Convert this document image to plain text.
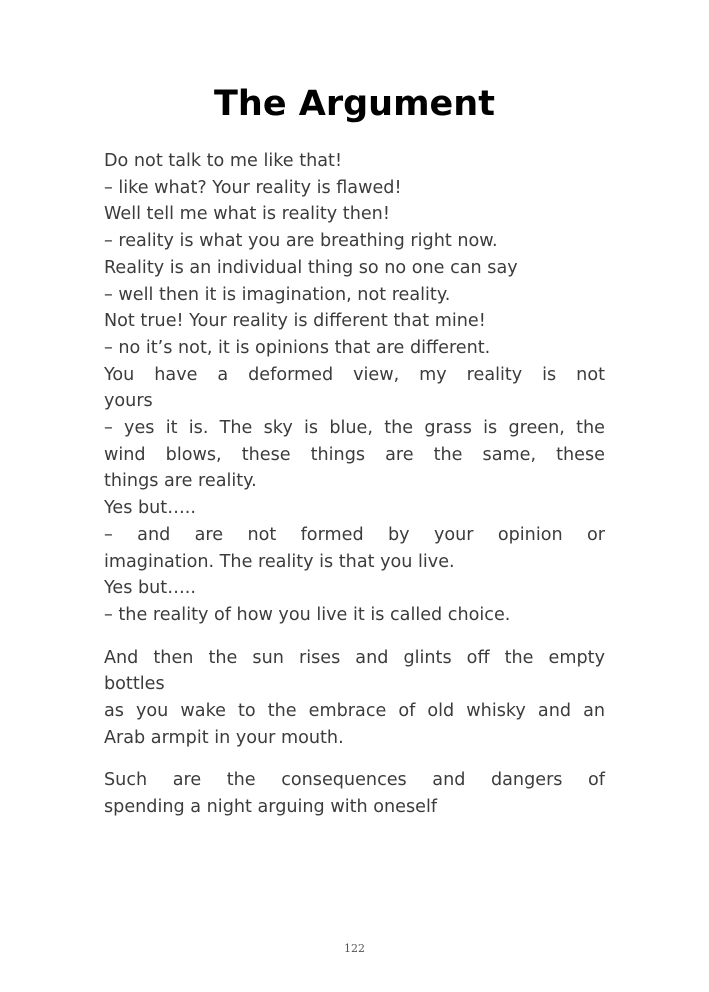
The Argument

Do not talk to me like that!
– like what? Your reality is flawed!
Well tell me what is reality then!
– reality is what you are breathing right now.
Reality is an individual thing so no one can say
– well then it is imagination, not reality.
Not true! Your reality is different that mine!
– no it’s not, it is opinions that are different.
You have a deformed view, my reality is not
yours
– yes it is. The sky is blue, the grass is green, the
wind blows, these things are the same, these
things are reality.
Yes but…..
– and are not formed by your opinion or
imagination. The reality is that you live.
Yes but…..
– the reality of how you live it is called choice.

And then the sun rises and glints off the empty
bottles
as you wake to the embrace of old whisky and an
Arab armpit in your mouth.

Such are the consequences and dangers of
spending a night arguing with oneself

122
